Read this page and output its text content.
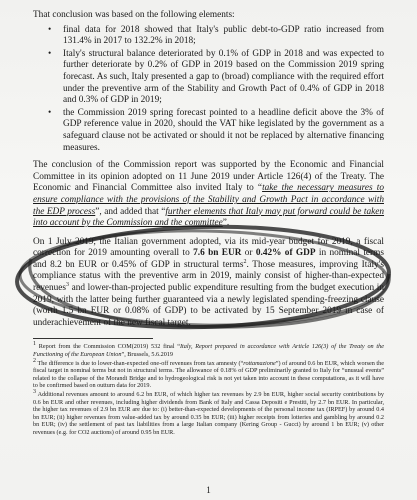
That conclusion was based on the following elements:

• final data for 2018 showed that Italy's public debt-to-GDP ratio increased from 131.4% in 2017 to 132.2% in 2018;
• Italy's structural balance deteriorated by 0.1% of GDP in 2018 and was expected to further deteriorate by 0.2% of GDP in 2019 based on the Commission 2019 spring forecast. As such, Italy presented a gap to (broad) compliance with the required effort under the preventive arm of the Stability and Growth Pact of 0.4% of GDP in 2018 and 0.3% of GDP in 2019;
• the Commission 2019 spring forecast pointed to a headline deficit above the 3% of GDP reference value in 2020, should the VAT hike legislated by the government as a safeguard clause not be activated or should it not be replaced by alternative financing measures.

The conclusion of the Commission report was supported by the Economic and Financial Committee in its opinion adopted on 11 June 2019 under Article 126(4) of the Treaty. The Economic and Financial Committee also invited Italy to “take the necessary measures to ensure compliance with the provisions of the Stability and Growth Pact in accordance with the EDP process”, and added that “further elements that Italy may put forward could be taken into account by the Commission and the committee”.

On 1 July 2019, the Italian government adopted, via its mid-year budget for 2019, a fiscal correction for 2019 amounting overall to 7.6 bn EUR or 0.42% of GDP in nominal terms and 8.2 bn EUR or 0.45% of GDP in structural terms$^2$. Those measures, improving Italy's compliance status with the preventive arm in 2019, mainly consist of higher-than-expected revenues$^3$ and lower-than-projected public expenditure resulting from the budget execution in 2019, with the latter being further guaranteed via a newly legislated spending-freezing clause (worth 1.5 bn EUR or 0.08% of GDP) to be activated by 15 September 2019 in case of underachievement of the new fiscal target.

$^1$ Report from the Commission COM(2019) 532 final “Italy, Report prepared in accordance with Article 126(3) of the Treaty on the Functioning of the European Union”, Brussels, 5.6.2019

$^2$ The difference is due to lower-than-expected one-off revenues from tax amnesty (“rottamazione”) of around 0.6 bn EUR, which worsen the fiscal target in nominal terms but not in structural terms. The allowance of 0.18% of GDP preliminarily granted to Italy for “unusual events” related to the collapse of the Morandi Bridge and to hydrogeological risk is not yet taken into account in these computations, as it will have to be confirmed based on outturn data for 2019.

$^3$ Additional revenues amount to around 6.2 bn EUR, of which higher tax revenues by 2.9 bn EUR, higher social security contributions by 0.6 bn EUR and other revenues, including higher dividends from Bank of Italy and Cassa Depositi e Prestiti, by 2.7 bn EUR. In particular, the higher tax revenues of 2.9 bn EUR are due to: (i) better-than-expected developments of the personal income tax (IRPEF) by around 0.4 bn EUR; (ii) higher revenues from value-added tax by around 0.35 bn EUR; (iii) higher receipts from lotteries and gambling by around 0.2 bn EUR; (iv) the settlement of past tax liabilities from a large Italian company (Kering Group - Gucci) by around 1 bn EUR; (v) other revenues (e.g. for CO2 auctions) of around 0.95 bn EUR.

1
